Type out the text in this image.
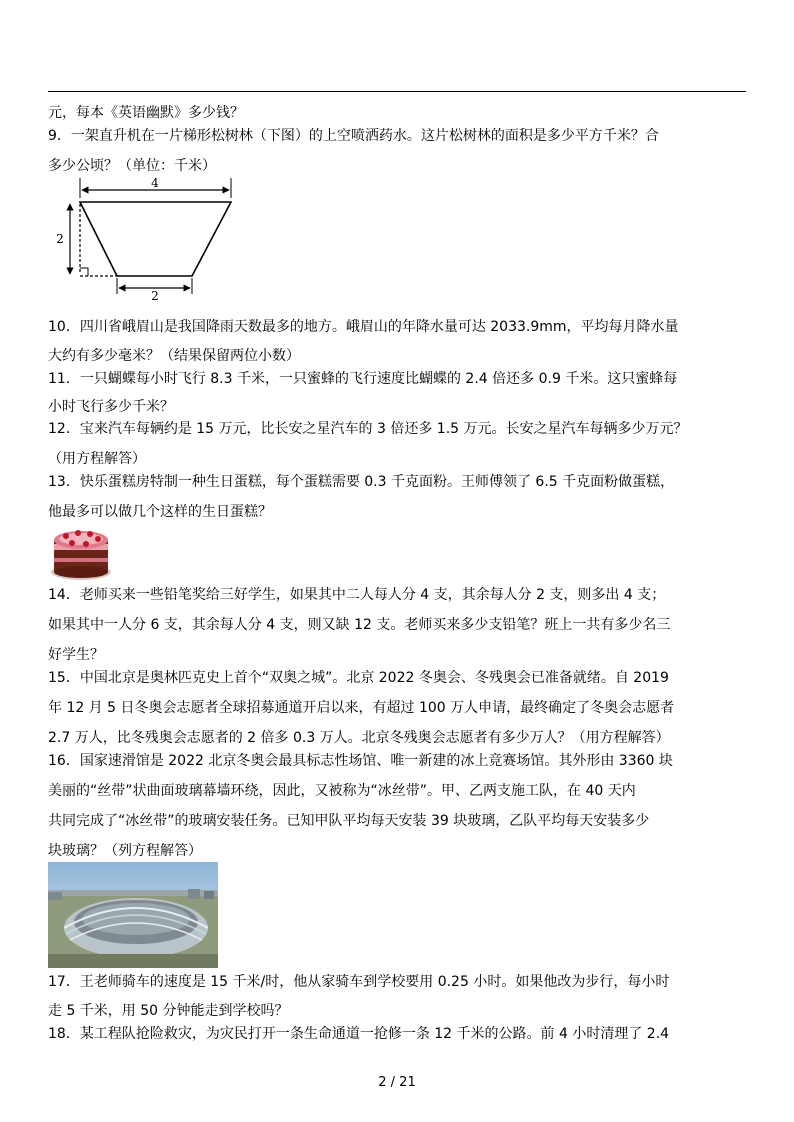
元，每本《英语幽默》多少钱？
9．一架直升机在一片梯形松树林（下图）的上空喷洒药水。这片松树林的面积是多少平方千米？合
多少公顷？（单位：千米）
4
2
2
10．四川省峨眉山是我国降雨天数最多的地方。峨眉山的年降水量可达 2033.9mm，平均每月降水量
大约有多少毫米？（结果保留两位小数）
11．一只蝴蝶每小时飞行 8.3 千米，一只蜜蜂的飞行速度比蝴蝶的 2.4 倍还多 0.9 千米。这只蜜蜂每
小时飞行多少千米？
12．宝来汽车每辆约是 15 万元，比长安之星汽车的 3 倍还多 1.5 万元。长安之星汽车每辆多少万元？
（用方程解答）
13．快乐蛋糕房特制一种生日蛋糕，每个蛋糕需要 0.3 千克面粉。王师傅领了 6.5 千克面粉做蛋糕，
他最多可以做几个这样的生日蛋糕？
14．老师买来一些铅笔奖给三好学生，如果其中二人每人分 4 支，其余每人分 2 支，则多出 4 支；
如果其中一人分 6 支，其余每人分 4 支，则又缺 12 支。老师买来多少支铅笔？班上一共有多少名三
好学生？
15．中国北京是奥林匹克史上首个“双奥之城”。北京 2022 冬奥会、冬残奥会已准备就绪。自 2019
年 12 月 5 日冬奥会志愿者全球招募通道开启以来，有超过 100 万人申请，最终确定了冬奥会志愿者
2.7 万人，比冬残奥会志愿者的 2 倍多 0.3 万人。北京冬残奥会志愿者有多少万人？（用方程解答）
16．国家速滑馆是 2022 北京冬奥会最具标志性场馆、唯一新建的冰上竞赛场馆。其外形由 3360 块
美丽的“丝带”状曲面玻璃幕墙环绕，因此，又被称为“冰丝带”。甲、乙两支施工队，在 40 天内
共同完成了“冰丝带”的玻璃安装任务。已知甲队平均每天安装 39 块玻璃，乙队平均每天安装多少
块玻璃？（列方程解答）
17．王老师骑车的速度是 15 千米/时，他从家骑车到学校要用 0.25 小时。如果他改为步行，每小时
走 5 千米，用 50 分钟能走到学校吗？
18．某工程队抢险救灾，为灾民打开一条生命通道一抢修一条 12 千米的公路。前 4 小时清理了 2.4
2 / 21
